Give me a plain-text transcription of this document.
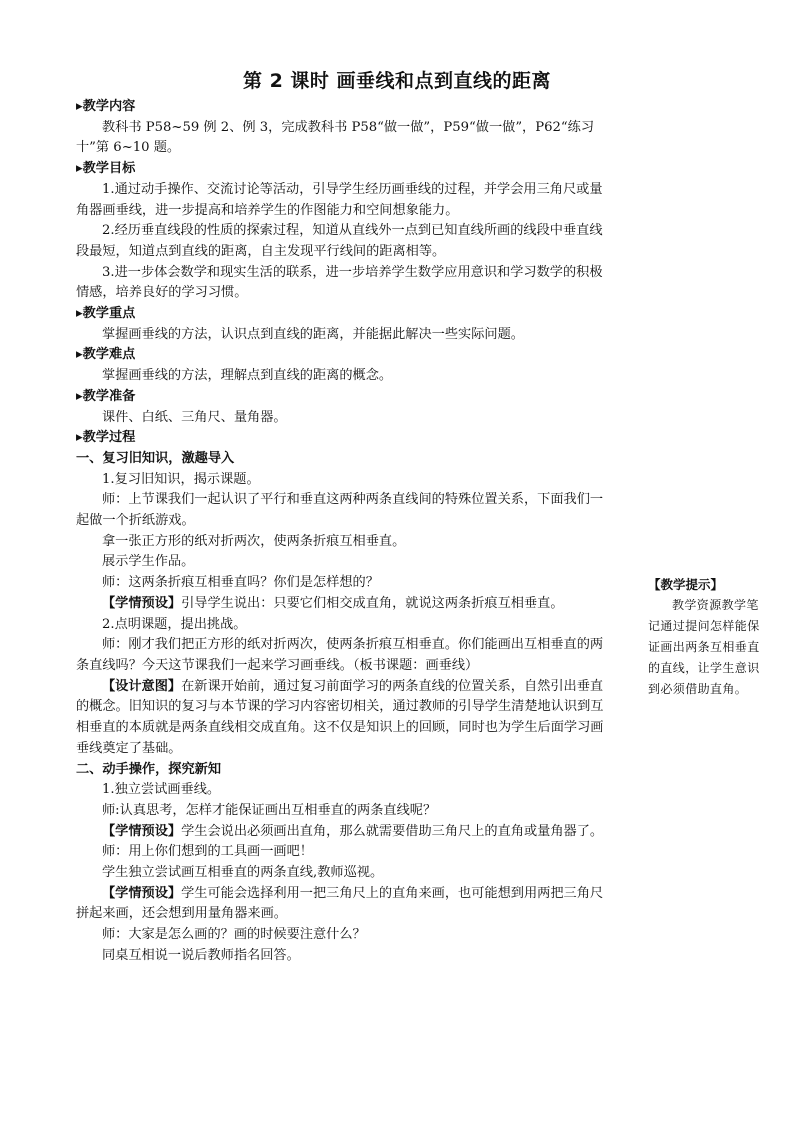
第 2 课时 画垂线和点到直线的距离

▸教学内容

教科书 P58~59 例 2、例 3，完成教科书 P58“做一做”，P59“做一做”，P62“练习十”第 6~10 题。

▸教学目标

1.通过动手操作、交流讨论等活动，引导学生经历画垂线的过程，并学会用三角尺或量角器画垂线，进一步提高和培养学生的作图能力和空间想象能力。

2.经历垂直线段的性质的探索过程，知道从直线外一点到已知直线所画的线段中垂直线段最短，知道点到直线的距离，自主发现平行线间的距离相等。

3.进一步体会数学和现实生活的联系，进一步培养学生数学应用意识和学习数学的积极情感，培养良好的学习习惯。

▸教学重点

掌握画垂线的方法，认识点到直线的距离，并能据此解决一些实际问题。

▸教学难点

掌握画垂线的方法，理解点到直线的距离的概念。

▸教学准备

课件、白纸、三角尺、量角器。

▸教学过程

一、复习旧知识，激趣导入

1.复习旧知识，揭示课题。

师：上节课我们一起认识了平行和垂直这两种两条直线间的特殊位置关系，下面我们一起做一个折纸游戏。

拿一张正方形的纸对折两次，使两条折痕互相垂直。

展示学生作品。

师：这两条折痕互相垂直吗？你们是怎样想的？

【学情预设】引导学生说出：只要它们相交成直角，就说这两条折痕互相垂直。

2.点明课题，提出挑战。

师：刚才我们把正方形的纸对折两次，使两条折痕互相垂直。你们能画出互相垂直的两条直线吗？今天这节课我们一起来学习画垂线。（板书课题：画垂线）

【设计意图】在新课开始前，通过复习前面学习的两条直线的位置关系，自然引出垂直的概念。旧知识的复习与本节课的学习内容密切相关，通过教师的引导学生清楚地认识到互相垂直的本质就是两条直线相交成直角。这不仅是知识上的回顾，同时也为学生后面学习画垂线奠定了基础。

二、动手操作，探究新知

1.独立尝试画垂线。

师:认真思考，怎样才能保证画出互相垂直的两条直线呢？

【学情预设】学生会说出必须画出直角，那么就需要借助三角尺上的直角或量角器了。

师：用上你们想到的工具画一画吧！

学生独立尝试画互相垂直的两条直线,教师巡视。

【学情预设】学生可能会选择利用一把三角尺上的直角来画，也可能想到用两把三角尺拼起来画，还会想到用量角器来画。

师：大家是怎么画的？画的时候要注意什么？

同桌互相说一说后教师指名回答。

【教学提示】
教学资源教学笔记通过提问怎样能保证画出两条互相垂直的直线，让学生意识到必须借助直角。
